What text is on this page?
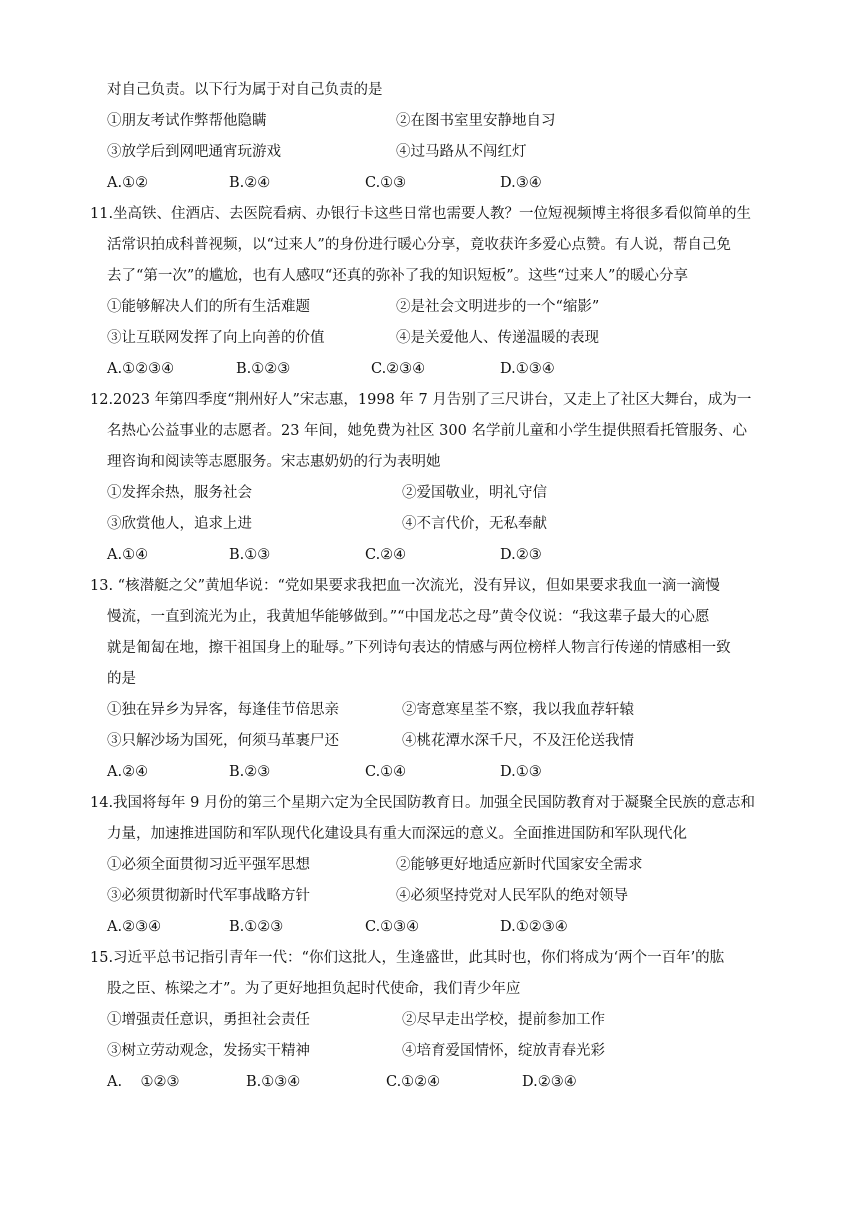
对自己负责。以下行为属于对自己负责的是
①朋友考试作弊帮他隐瞒	②在图书室里安静地自习
③放学后到网吧通宵玩游戏	④过马路从不闯红灯
A.①②	B.②④	C.①③	D.③④
11.坐高铁、住酒店、去医院看病、办银行卡这些日常也需要人教？一位短视频博主将很多看似简单的生
活常识拍成科普视频，以“过来人”的身份进行暖心分享，竟收获许多爱心点赞。有人说，帮自己免
去了“第一次”的尴尬，也有人感叹“还真的弥补了我的知识短板”。这些“过来人”的暖心分享
①能够解决人们的所有生活难题	②是社会文明进步的一个“缩影”
③让互联网发挥了向上向善的价值	④是关爱他人、传递温暖的表现
A.①②③④	B.①②③	C.②③④	D.①③④
12.2023 年第四季度“荆州好人”宋志惠，1998 年 7 月告别了三尺讲台，又走上了社区大舞台，成为一
名热心公益事业的志愿者。23 年间，她免费为社区 300 名学前儿童和小学生提供照看托管服务、心
理咨询和阅读等志愿服务。宋志惠奶奶的行为表明她
①发挥余热，服务社会	②爱国敬业，明礼守信
③欣赏他人，追求上进	④不言代价，无私奉献
A.①④	B.①③	C.②④	D.②③
13. “核潜艇之父”黄旭华说：“党如果要求我把血一次流光，没有异议，但如果要求我血一滴一滴慢
慢流，一直到流光为止，我黄旭华能够做到。”“中国龙芯之母”黄令仪说：“我这辈子最大的心愿
就是匍匐在地，擦干祖国身上的耻辱。”下列诗句表达的情感与两位榜样人物言行传递的情感相一致
的是
①独在异乡为异客，每逢佳节倍思亲	②寄意寒星荃不察，我以我血荐轩辕
③只解沙场为国死，何须马革裹尸还	④桃花潭水深千尺，不及汪伦送我情
A.②④	B.②③	C.①④	D.①③
14.我国将每年 9 月份的第三个星期六定为全民国防教育日。加强全民国防教育对于凝聚全民族的意志和
力量，加速推进国防和军队现代化建设具有重大而深远的意义。全面推进国防和军队现代化
①必须全面贯彻习近平强军思想	②能够更好地适应新时代国家安全需求
③必须贯彻新时代军事战略方针	④必须坚持党对人民军队的绝对领导
A.②③④	B.①②③	C.①③④	D.①②③④
15.习近平总书记指引青年一代：“你们这批人，生逢盛世，此其时也，你们将成为‘两个一百年’的肱
股之臣、栋梁之才”。为了更好地担负起时代使命，我们青少年应
①增强责任意识，勇担社会责任	②尽早走出学校，提前参加工作
③树立劳动观念，发扬实干精神	④培育爱国情怀，绽放青春光彩
A.    ①②③	B.①③④	C.①②④	D.②③④
